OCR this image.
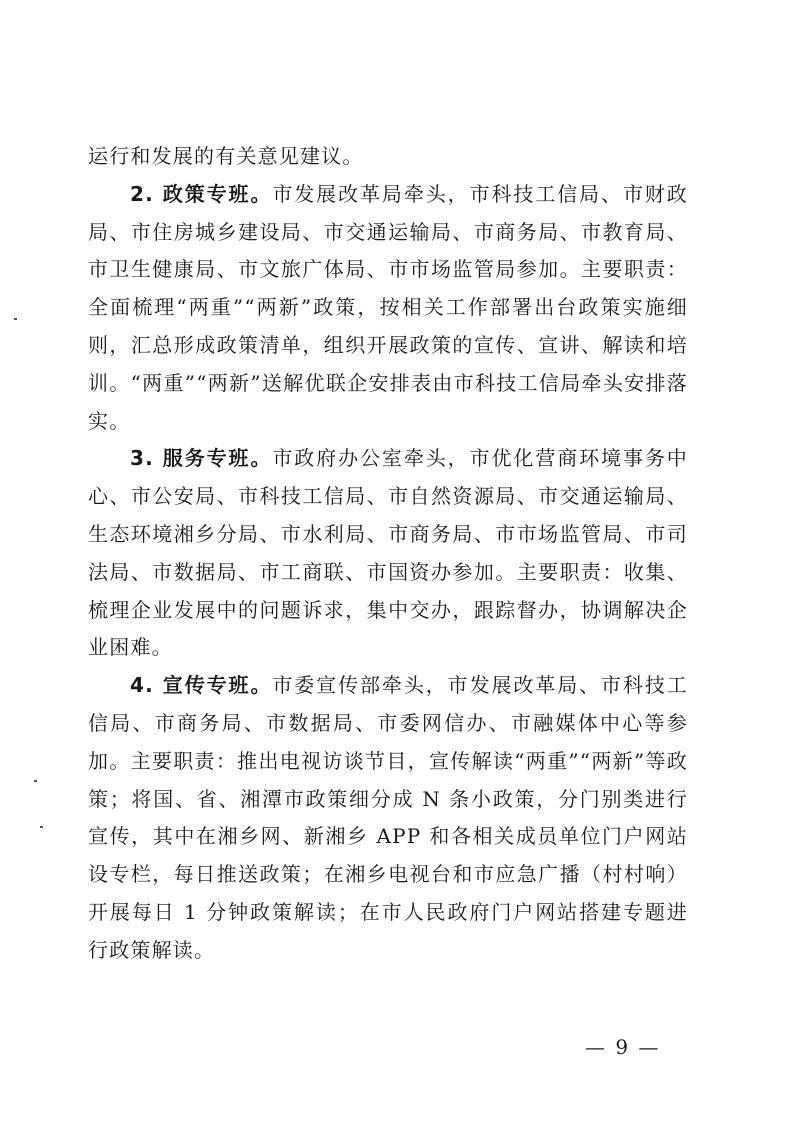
运行和发展的有关意见建议。

2. 政策专班。市发展改革局牵头，市科技工信局、市财政局、市住房城乡建设局、市交通运输局、市商务局、市教育局、市卫生健康局、市文旅广体局、市市场监管局参加。主要职责：全面梳理“两重”“两新”政策，按相关工作部署出台政策实施细则，汇总形成政策清单，组织开展政策的宣传、宣讲、解读和培训。“两重”“两新”送解优联企安排表由市科技工信局牵头安排落实。

3. 服务专班。市政府办公室牵头，市优化营商环境事务中心、市公安局、市科技工信局、市自然资源局、市交通运输局、生态环境湘乡分局、市水利局、市商务局、市市场监管局、市司法局、市数据局、市工商联、市国资办参加。主要职责：收集、梳理企业发展中的问题诉求，集中交办，跟踪督办，协调解决企业困难。

4. 宣传专班。市委宣传部牵头，市发展改革局、市科技工信局、市商务局、市数据局、市委网信办、市融媒体中心等参加。主要职责：推出电视访谈节目，宣传解读“两重”“两新”等政策；将国、省、湘潭市政策细分成 N 条小政策，分门别类进行宣传，其中在湘乡网、新湘乡 APP 和各相关成员单位门户网站设专栏，每日推送政策；在湘乡电视台和市应急广播（村村响）开展每日 1 分钟政策解读；在市人民政府门户网站搭建专题进行政策解读。

— 9 —
